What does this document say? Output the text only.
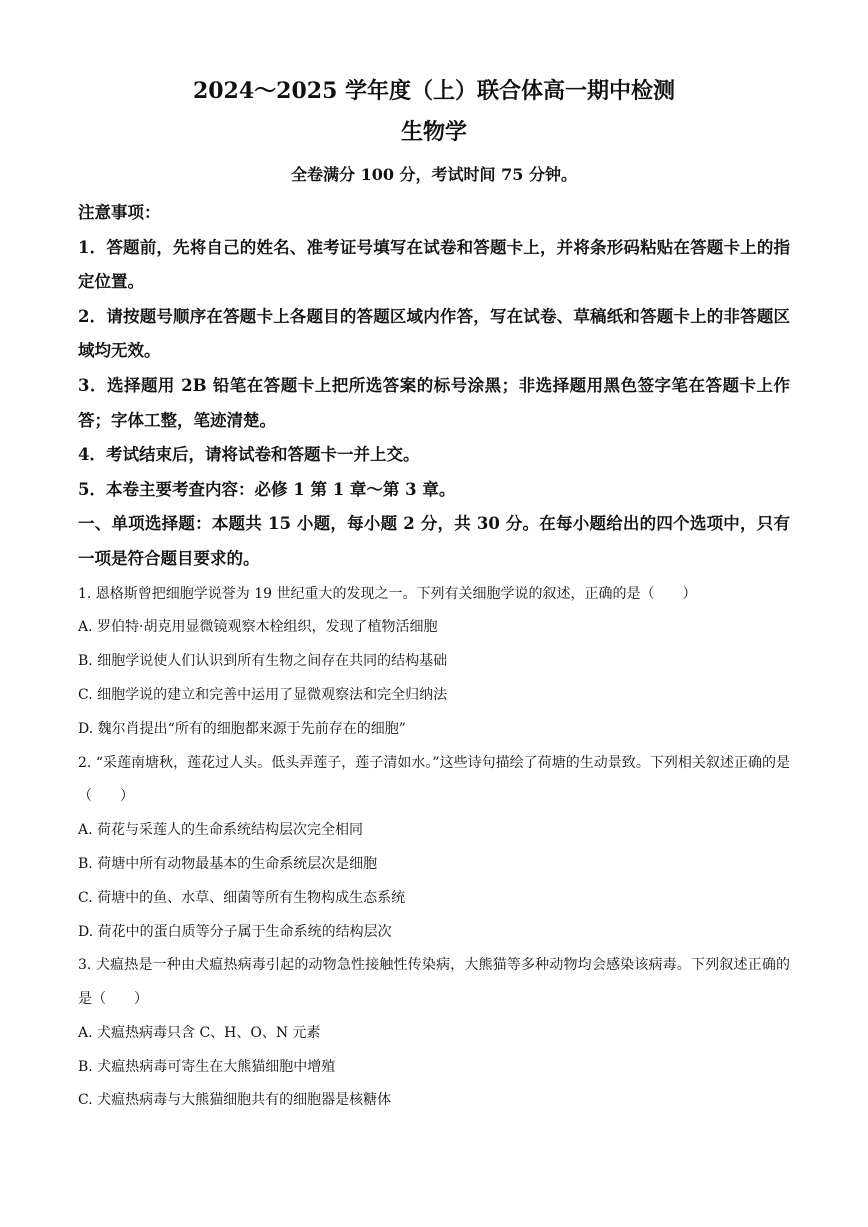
2024～2025 学年度（上）联合体高一期中检测
生物学
全卷满分 100 分，考试时间 75 分钟。

注意事项：

1．答题前，先将自己的姓名、准考证号填写在试卷和答题卡上，并将条形码粘贴在答题卡上的指定位置。

2．请按题号顺序在答题卡上各题目的答题区域内作答，写在试卷、草稿纸和答题卡上的非答题区域均无效。

3．选择题用 2B 铅笔在答题卡上把所选答案的标号涂黑；非选择题用黑色签字笔在答题卡上作答；字体工整，笔迹清楚。

4．考试结束后，请将试卷和答题卡一并上交。

5．本卷主要考查内容：必修 1 第 1 章～第 3 章。

一、单项选择题：本题共 15 小题，每小题 2 分，共 30 分。在每小题给出的四个选项中，只有一项是符合题目要求的。

1. 恩格斯曾把细胞学说誉为 19 世纪重大的发现之一。下列有关细胞学说的叙述，正确的是（　　）

A. 罗伯特·胡克用显微镜观察木栓组织，发现了植物活细胞

B. 细胞学说使人们认识到所有生物之间存在共同的结构基础

C. 细胞学说的建立和完善中运用了显微观察法和完全归纳法

D. 魏尔肖提出“所有的细胞都来源于先前存在的细胞”

2. “采莲南塘秋，莲花过人头。低头弄莲子，莲子清如水。”这些诗句描绘了荷塘的生动景致。下列相关叙述正确的是（　　）

A. 荷花与采莲人的生命系统结构层次完全相同

B. 荷塘中所有动物最基本的生命系统层次是细胞

C. 荷塘中的鱼、水草、细菌等所有生物构成生态系统

D. 荷花中的蛋白质等分子属于生命系统的结构层次

3. 犬瘟热是一种由犬瘟热病毒引起的动物急性接触性传染病，大熊猫等多种动物均会感染该病毒。下列叙述正确的是（　　）

A. 犬瘟热病毒只含 C、H、O、N 元素

B. 犬瘟热病毒可寄生在大熊猫细胞中增殖

C. 犬瘟热病毒与大熊猫细胞共有的细胞器是核糖体
